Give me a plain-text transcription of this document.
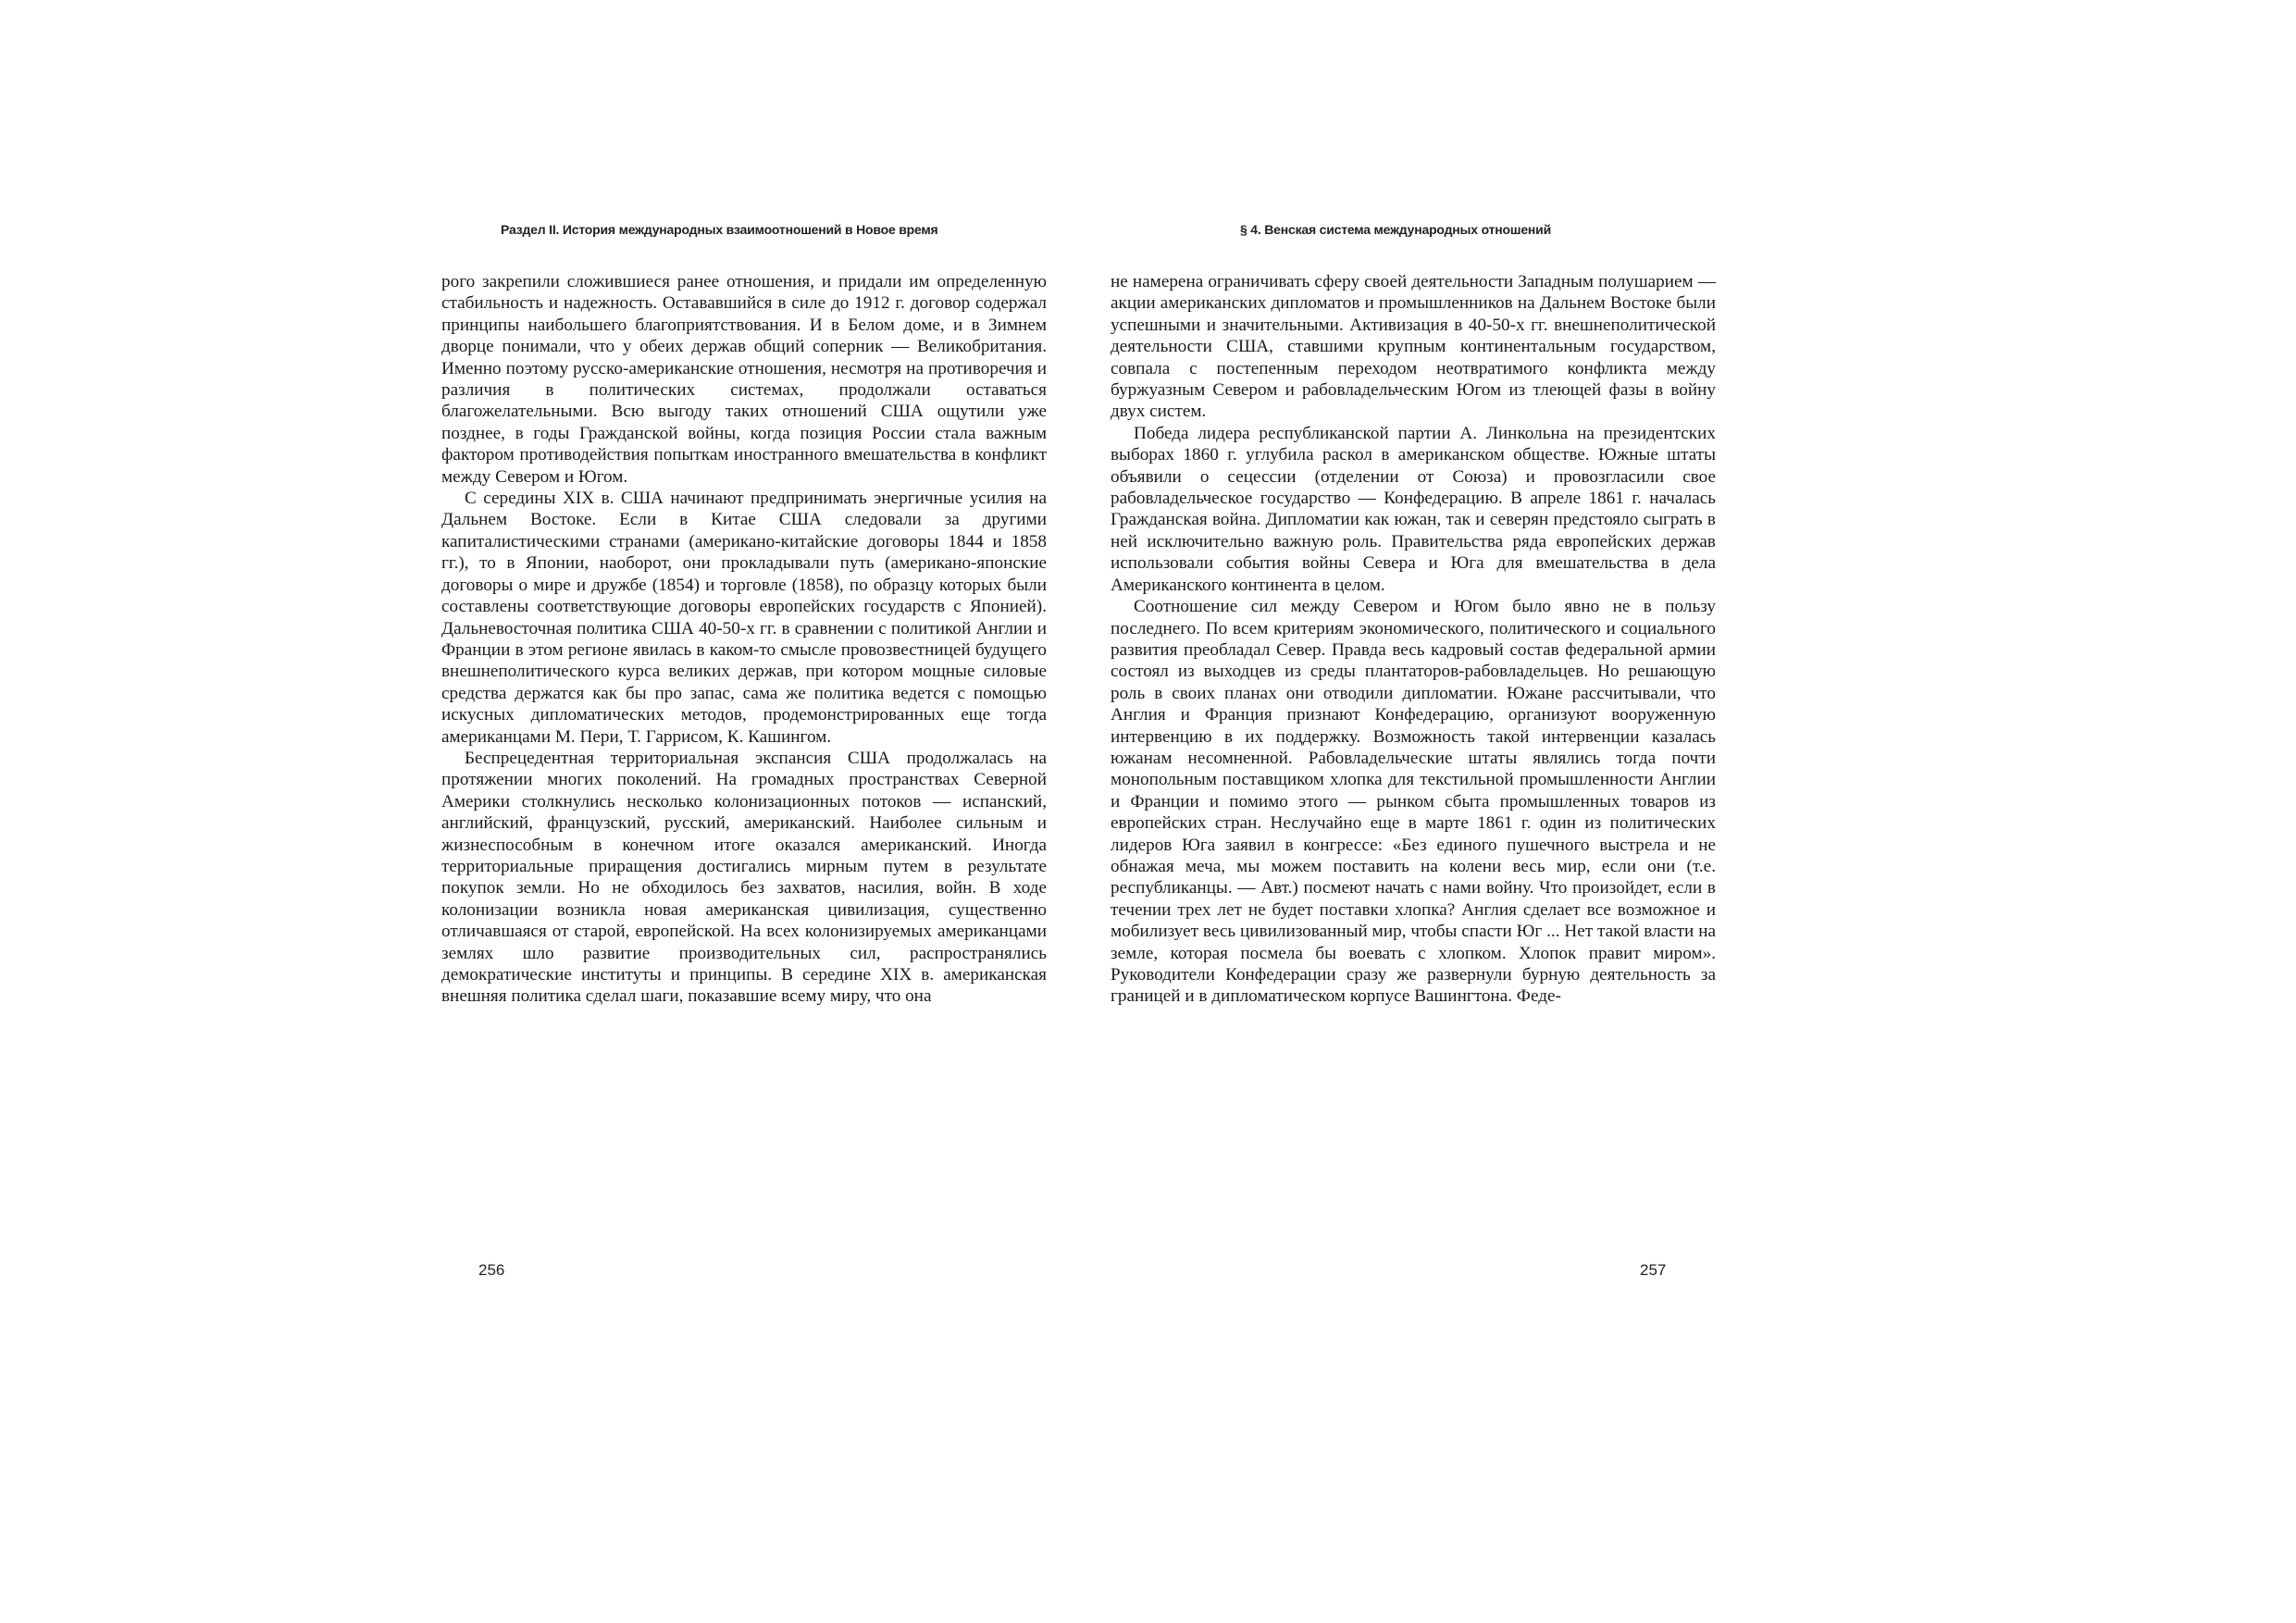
Раздел II. История международных взаимоотношений в Новое время

рого закрепили сложившиеся ранее отношения, и придали им определенную стабильность и надежность. Остававшийся в силе до 1912 г. договор содержал принципы наибольшего благоприятствования. И в Белом доме, и в Зимнем дворце понимали, что у обеих держав общий соперник — Великобритания. Именно поэтому русско-американские отношения, несмотря на противоречия и различия в политических системах, продолжали оставаться благожелательными. Всю выгоду таких отношений США ощутили уже позднее, в годы Гражданской войны, когда позиция России стала важным фактором противодействия попыткам иностранного вмешательства в конфликт между Севером и Югом.

С середины XIX в. США начинают предпринимать энергичные усилия на Дальнем Востоке. Если в Китае США следовали за другими капиталистическими странами (американо-китайские договоры 1844 и 1858 гг.), то в Японии, наоборот, они прокладывали путь (американо-японские договоры о мире и дружбе (1854) и торговле (1858), по образцу которых были составлены соответствующие договоры европейских государств с Японией). Дальневосточная политика США 40-50-х гг. в сравнении с политикой Англии и Франции в этом регионе явилась в каком-то смысле провозвестницей будущего внешнеполитического курса великих держав, при котором мощные силовые средства держатся как бы про запас, сама же политика ведется с помощью искусных дипломатических методов, продемонстрированных еще тогда американцами М. Пери, Т. Гаррисом, К. Кашингом.

Беспрецедентная территориальная экспансия США продолжалась на протяжении многих поколений. На громадных пространствах Северной Америки столкнулись несколько колонизационных потоков — испанский, английский, французский, русский, американский. Наиболее сильным и жизнеспособным в конечном итоге оказался американский. Иногда территориальные приращения достигались мирным путем в результате покупок земли. Но не обходилось без захватов, насилия, войн. В ходе колонизации возникла новая американская цивилизация, существенно отличавшаяся от старой, европейской. На всех колонизируемых американцами землях шло развитие производительных сил, распространялись демократические институты и принципы. В середине XIX в. американская внешняя политика сделал шаги, показавшие всему миру, что она

256
§ 4. Венская система международных отношений

не намерена ограничивать сферу своей деятельности Западным полушарием — акции американских дипломатов и промышленников на Дальнем Востоке были успешными и значительными. Активизация в 40-50-х гг. внешнеполитической деятельности США, ставшими крупным континентальным государством, совпала с постепенным переходом неотвратимого конфликта между буржуазным Севером и рабовладельческим Югом из тлеющей фазы в войну двух систем.

Победа лидера республиканской партии А. Линкольна на президентских выборах 1860 г. углубила раскол в американском обществе. Южные штаты объявили о сецессии (отделении от Союза) и провозгласили свое рабовладельческое государство — Конфедерацию. В апреле 1861 г. началась Гражданская война. Дипломатии как южан, так и северян предстояло сыграть в ней исключительно важную роль. Правительства ряда европейских держав использовали события войны Севера и Юга для вмешательства в дела Американского континента в целом.

Соотношение сил между Севером и Югом было явно не в пользу последнего. По всем критериям экономического, политического и социального развития преобладал Север. Правда весь кадровый состав федеральной армии состоял из выходцев из среды плантаторов-рабовладельцев. Но решающую роль в своих планах они отводили дипломатии. Южане рассчитывали, что Англия и Франция признают Конфедерацию, организуют вооруженную интервенцию в их поддержку. Возможность такой интервенции казалась южанам несомненной. Рабовладельческие штаты являлись тогда почти монопольным поставщиком хлопка для текстильной промышленности Англии и Франции и помимо этого — рынком сбыта промышленных товаров из европейских стран. Неслучайно еще в марте 1861 г. один из политических лидеров Юга заявил в конгрессе: «Без единого пушечного выстрела и не обнажая меча, мы можем поставить на колени весь мир, если они (т.е. республиканцы. — Авт.) посмеют начать с нами войну. Что произойдет, если в течении трех лет не будет поставки хлопка? Англия сделает все возможное и мобилизует весь цивилизованный мир, чтобы спасти Юг ... Нет такой власти на земле, которая посмела бы воевать с хлопком. Хлопок правит миром». Руководители Конфедерации сразу же развернули бурную деятельность за границей и в дипломатическом корпусе Вашингтона. Феде-

257
